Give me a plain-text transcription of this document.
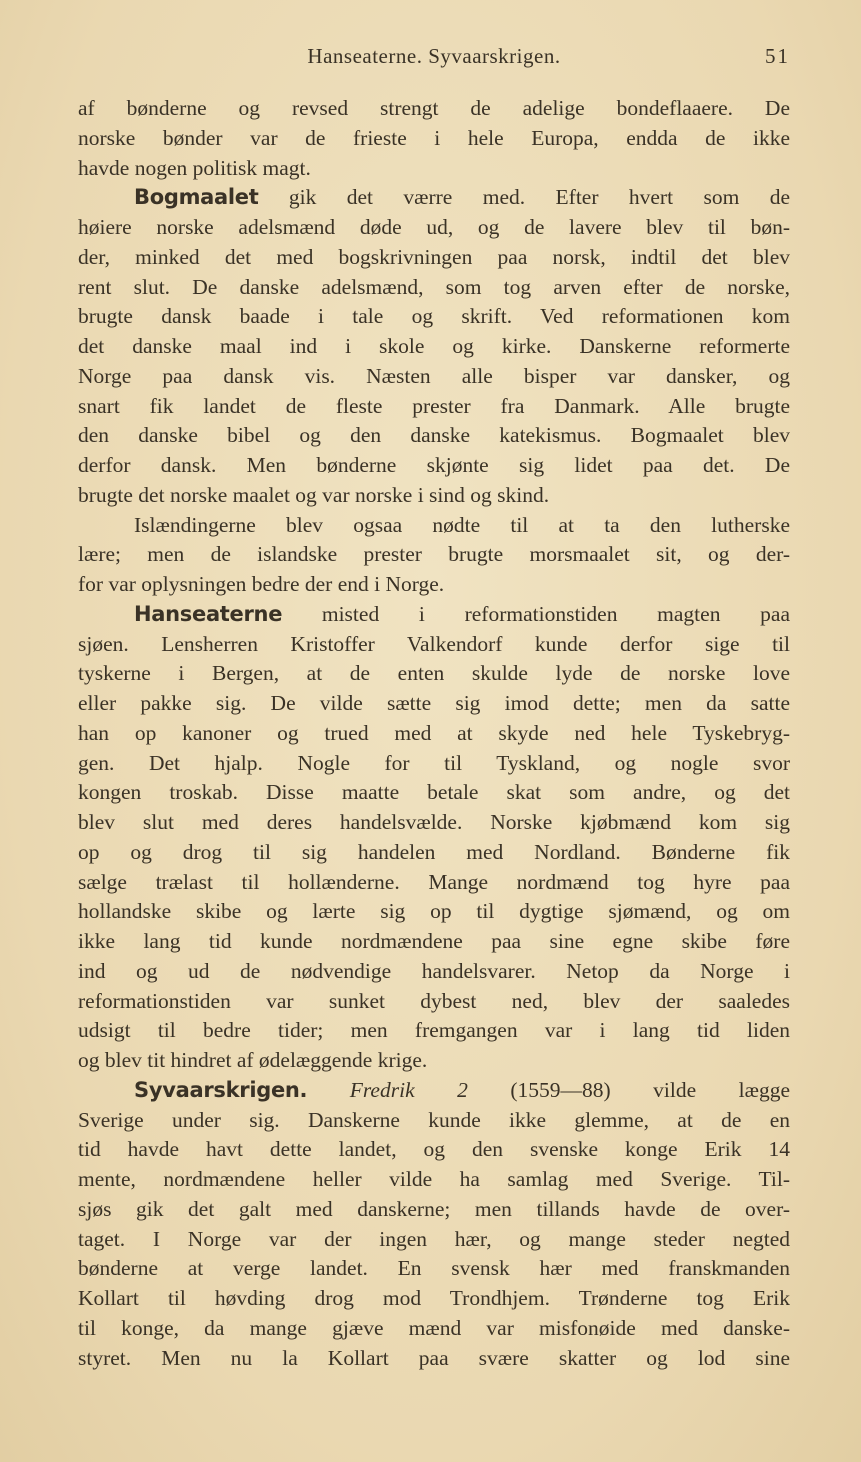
Hanseaterne. Syvaarskrigen.	51
af bønderne og revsed strengt de adelige bondeflaaere. De
norske bønder var de frieste i hele Europa, endda de ikke
havde nogen politisk magt.
Bogmaalet gik det værre med. Efter hvert som de
høiere norske adelsmænd døde ud, og de lavere blev til bøn-
der, minked det med bogskrivningen paa norsk, indtil det blev
rent slut. De danske adelsmænd, som tog arven efter de norske,
brugte dansk baade i tale og skrift. Ved reformationen kom
det danske maal ind i skole og kirke. Danskerne reformerte
Norge paa dansk vis. Næsten alle bisper var dansker, og
snart fik landet de fleste prester fra Danmark. Alle brugte
den danske bibel og den danske katekismus. Bogmaalet blev
derfor dansk. Men bønderne skjønte sig lidet paa det. De
brugte det norske maalet og var norske i sind og skind.
Islændingerne blev ogsaa nødte til at ta den lutherske
lære; men de islandske prester brugte morsmaalet sit, og der-
for var oplysningen bedre der end i Norge.
Hanseaterne misted i reformationstiden magten paa
sjøen. Lensherren Kristoffer Valkendorf kunde derfor sige til
tyskerne i Bergen, at de enten skulde lyde de norske love
eller pakke sig. De vilde sætte sig imod dette; men da satte
han op kanoner og trued med at skyde ned hele Tyskebryg-
gen. Det hjalp. Nogle for til Tyskland, og nogle svor
kongen troskab. Disse maatte betale skat som andre, og det
blev slut med deres handelsvælde. Norske kjøbmænd kom sig
op og drog til sig handelen med Nordland. Bønderne fik
sælge trælast til hollænderne. Mange nordmænd tog hyre paa
hollandske skibe og lærte sig op til dygtige sjømænd, og om
ikke lang tid kunde nordmændene paa sine egne skibe føre
ind og ud de nødvendige handelsvarer. Netop da Norge i
reformationstiden var sunket dybest ned, blev der saaledes
udsigt til bedre tider; men fremgangen var i lang tid liden
og blev tit hindret af ødelæggende krige.
Syvaarskrigen. Fredrik 2 (1559—88) vilde lægge
Sverige under sig. Danskerne kunde ikke glemme, at de en
tid havde havt dette landet, og den svenske konge Erik 14
mente, nordmændene heller vilde ha samlag med Sverige. Til-
sjøs gik det galt med danskerne; men tillands havde de over-
taget. I Norge var der ingen hær, og mange steder negted
bønderne at verge landet. En svensk hær med franskmanden
Kollart til høvding drog mod Trondhjem. Trønderne tog Erik
til konge, da mange gjæve mænd var misfonøide med danske-
styret. Men nu la Kollart paa svære skatter og lod sine
